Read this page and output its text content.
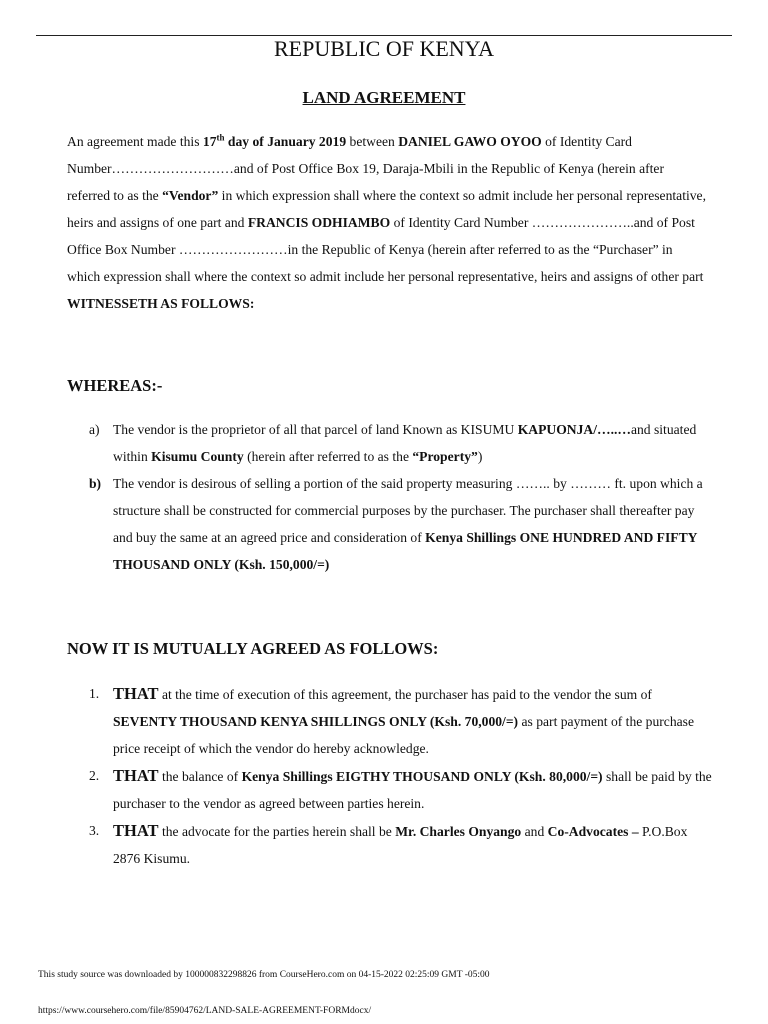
REPUBLIC OF KENYA
LAND AGREEMENT
An agreement made this 17th day of January 2019 between DANIEL GAWO OYOO of Identity Card Number………………………and of Post Office Box 19, Daraja-Mbili in the Republic of Kenya (herein after referred to as the “Vendor” in which expression shall where the context so admit include her personal representative, heirs and assigns of one part and FRANCIS ODHIAMBO of Identity Card Number …………………..and of Post Office Box Number ……………………in the Republic of Kenya (herein after referred to as the “Purchaser” in which expression shall where the context so admit include her personal representative, heirs and assigns of other part WITNESSETH AS FOLLOWS:
WHEREAS:-
a) The vendor is the proprietor of all that parcel of land Known as KISUMU KAPUONJA/…..…and situated within Kisumu County (herein after referred to as the “Property”)
b) The vendor is desirous of selling a portion of the said property measuring …….. by ……… ft. upon which a structure shall be constructed for commercial purposes by the purchaser. The purchaser shall thereafter pay and buy the same at an agreed price and consideration of Kenya Shillings ONE HUNDRED AND FIFTY THOUSAND ONLY (Ksh. 150,000/=)
NOW IT IS MUTUALLY AGREED AS FOLLOWS:
1. THAT at the time of execution of this agreement, the purchaser has paid to the vendor the sum of SEVENTY THOUSAND KENYA SHILLINGS ONLY (Ksh. 70,000/=) as part payment of the purchase price receipt of which the vendor do hereby acknowledge.
2. THAT the balance of Kenya Shillings EIGTHY THOUSAND ONLY (Ksh. 80,000/=) shall be paid by the purchaser to the vendor as agreed between parties herein.
3. THAT the advocate for the parties herein shall be Mr. Charles Onyango and Co-Advocates – P.O.Box 2876 Kisumu.
This study source was downloaded by 100000832298826 from CourseHero.com on 04-15-2022 02:25:09 GMT -05:00
https://www.coursehero.com/file/85904762/LAND-SALE-AGREEMENT-FORMdocx/
